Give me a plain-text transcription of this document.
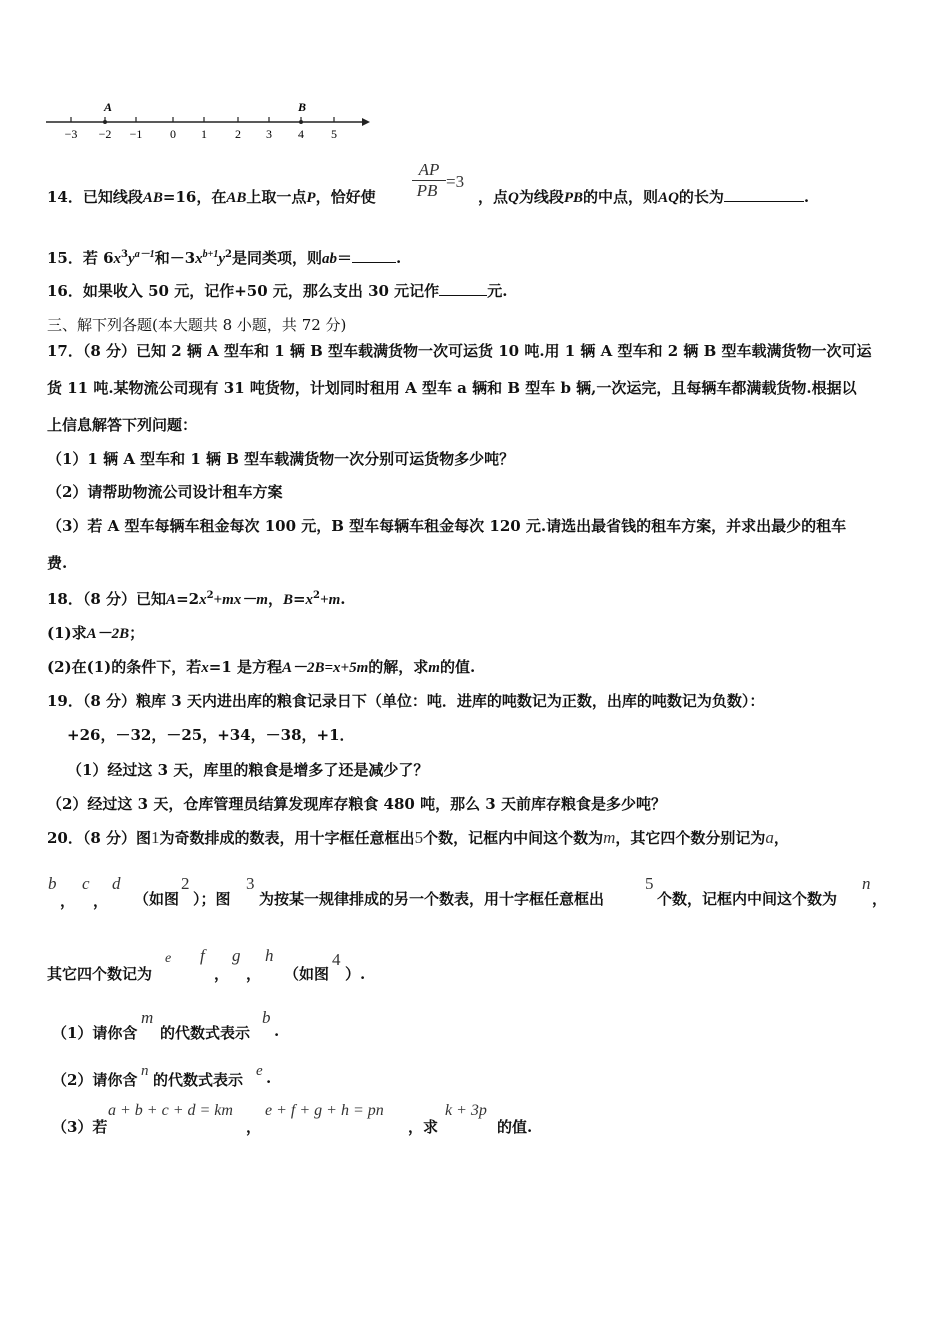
−3 −2 −1 0 1 2 3 4 5
A	B
14．已知线段AB=16，在AB上取一点P，恰好使 $\frac{AP}{PB} =3$
，点Q为线段PB的中点，则AQ的长为	.
15．若 $6x^3y^{a-1}$和$-3x^{b+1}y^2$是同类项，则ab＝	.
16．如果收入 50 元，记作+50 元，那么支出 30 元记作	元.
三、解下列各题(本大题共 8 小题，共 72 分)
17．（8 分）已知 2 辆 A 型车和 1 辆 B 型车载满货物一次可运货 10 吨.用 1 辆 A 型车和 2 辆 B 型车载满货物一次可运
货 11 吨.某物流公司现有 31 吨货物，计划同时租用 A 型车 a 辆和 B 型车 b 辆,一次运完，且每辆车都满载货物.根据以
上信息解答下列问题：
（1）1 辆 A 型车和 1 辆 B 型车载满货物一次分别可运货物多少吨？
（2）请帮助物流公司设计租车方案
（3）若 A 型车每辆车租金每次 100 元，B 型车每辆车租金每次 120 元.请选出最省钱的租车方案，并求出最少的租车
费.
18．（8 分）已知$A=2x^2+mx-m$，$B=x^2+m$.
(1)求A－2B；
(2)在(1)的条件下，若x=1 是方程A－2B=x+5m的解，求m的值.
19．（8 分）粮库 3 天内进出库的粮食记录日下（单位：吨．进库的吨数记为正数，出库的吨数记为负数）：
+26，－32，－25，+34，－38，+1．
（1）经过这 3 天，库里的粮食是增多了还是减少了？
（2）经过这 3 天，仓库管理员结算发现库存粮食 480 吨，那么 3 天前库存粮食是多少吨？
20．（8 分）图1为奇数排成的数表，用十字框任意框出5个数，记框内中间这个数为m，其它四个数分别记为a，
b
，
c
，
d
（如图
2
）；图
3
为按某一规律排成的另一个数表，用十字框任意框出
5
个数，记框内中间这个数为
n
，
其它四个数记为
e f
，
g
，
h
（如图
4
）.
（1）请你含
m
的代数式表示
b
.
（2）请你含 n 的代数式表示 e .
（3）若
a + b + c + d = km
，
e + f + g + h = pn
，求
k + 3p
的值.
